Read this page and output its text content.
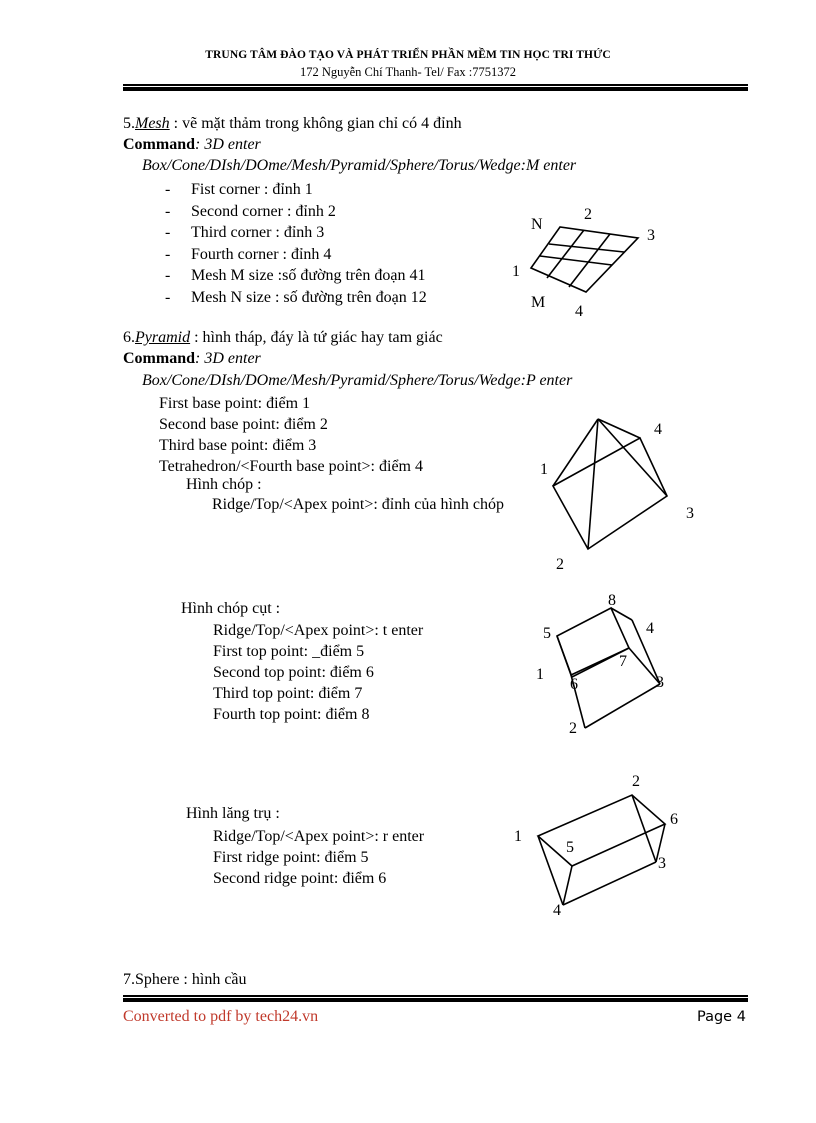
TRUNG TÂM ĐÀO TẠO VÀ PHÁT TRIỂN PHẦN MỀM TIN HỌC TRI THỨC
172 Nguyễn Chí Thanh- Tel/ Fax :7751372
5.Mesh : vẽ mặt thảm trong không gian chỉ có 4 đỉnh
Command: 3D enter
Box/Cone/DIsh/DOme/Mesh/Pyramid/Sphere/Torus/Wedge:M enter
- Fist corner : đỉnh 1
- Second corner : đỉnh 2
- Third corner : đỉnh 3
- Fourth corner : đỉnh 4
- Mesh M size :số đường trên đoạn 41
- Mesh N size : số đường trên đoạn 12
N
2
3
1
M
4
6.Pyramid : hình tháp, đáy là tứ giác hay tam giác
Command: 3D enter
Box/Cone/DIsh/DOme/Mesh/Pyramid/Sphere/Torus/Wedge:P enter
First base point: điểm 1
Second base point: điểm 2
Third base point: điểm 3
Tetrahedron/<Fourth base point>: điểm 4
Hình chóp :
Ridge/Top/<Apex point>: đỉnh của hình chóp
1
4
3
2
Hình chóp cụt :
Ridge/Top/<Apex point>: t enter
First top point: _điểm 5
Second top point: điểm 6
Third top point: điểm 7
Fourth top point: điểm 8
8
5	4
7
1
6	3
2
Hình lăng trụ :
Ridge/Top/<Apex point>: r enter
First ridge point: điểm 5
Second ridge point: điểm 6
2
6
1
5
3
4
7.Sphere : hình cầu
Converted to pdf by tech24.vn	Page 4
